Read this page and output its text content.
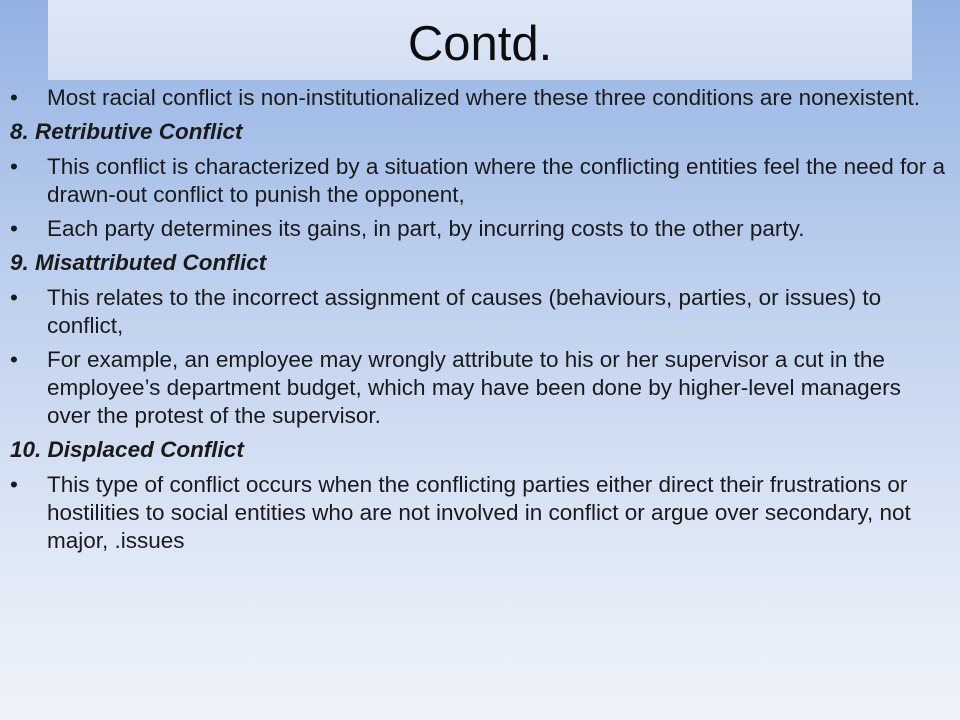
Contd.
•	Most racial conflict is non-institutionalized where these three conditions are nonexistent.
8. Retributive Conflict
•	This conflict is characterized by a situation where the conflicting entities feel the need for a drawn-out conflict to punish the opponent,
•	Each party determines its gains, in part, by incurring costs to the other party.
9. Misattributed Conflict
•	This relates to the incorrect assignment of causes (behaviours, parties, or issues) to conflict,
•	For example, an employee may wrongly attribute to his or her supervisor a cut in the employee’s department budget, which may have been done by higher-level managers over the protest of the supervisor.
10. Displaced Conflict
•	This type of conflict occurs when the conflicting parties either direct their frustrations or hostilities to social entities who are not involved in conflict or argue over secondary, not major, .issues
